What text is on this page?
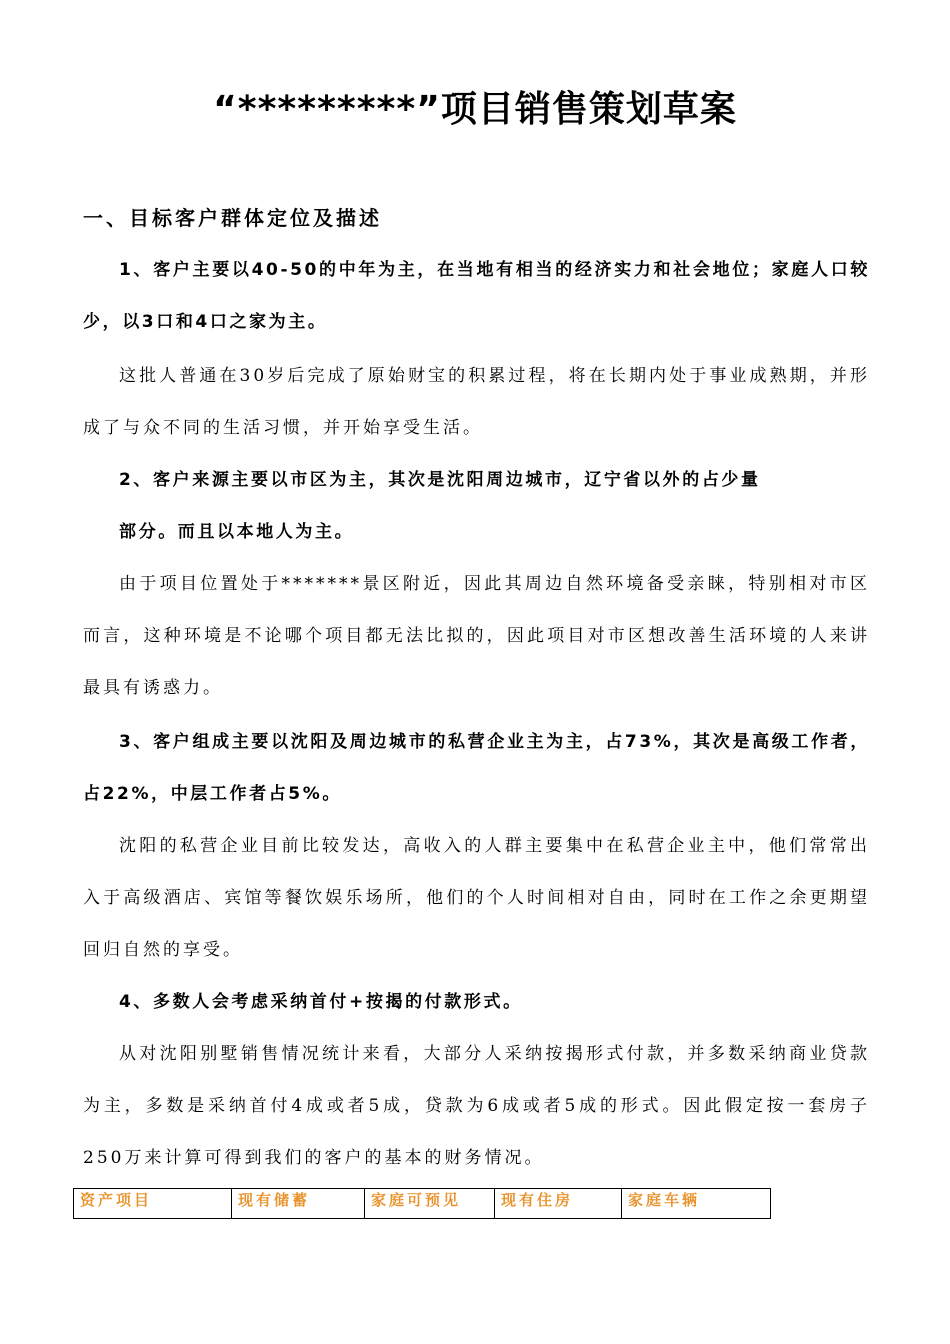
“*********”项目销售策划草案
一、目标客户群体定位及描述

1、客户主要以40-50的中年为主，在当地有相当的经济实力和社会地位；家庭人口较少，以3口和4口之家为主。

这批人普通在30岁后完成了原始财宝的积累过程，将在长期内处于事业成熟期，并形成了与众不同的生活习惯，并开始享受生活。

2、客户来源主要以市区为主，其次是沈阳周边城市，辽宁省以外的占少量
部分。而且以本地人为主。

由于项目位置处于*******景区附近，因此其周边自然环境备受亲睐，特别相对市区而言，这种环境是不论哪个项目都无法比拟的，因此项目对市区想改善生活环境的人来讲最具有诱惑力。

3、客户组成主要以沈阳及周边城市的私营企业主为主，占73%，其次是高级工作者，占22%，中层工作者占5%。

沈阳的私营企业目前比较发达，高收入的人群主要集中在私营企业主中，他们常常出入于高级酒店、宾馆等餐饮娱乐场所，他们的个人时间相对自由，同时在工作之余更期望回归自然的享受。

4、多数人会考虑采纳首付+按揭的付款形式。

从对沈阳别墅销售情况统计来看，大部分人采纳按揭形式付款，并多数采纳商业贷款为主，多数是采纳首付4成或者5成，贷款为6成或者5成的形式。因此假定按一套房子250万来计算可得到我们的客户的基本的财务情况。

资产项目	现有储蓄	家庭可预见	现有住房	家庭车辆
